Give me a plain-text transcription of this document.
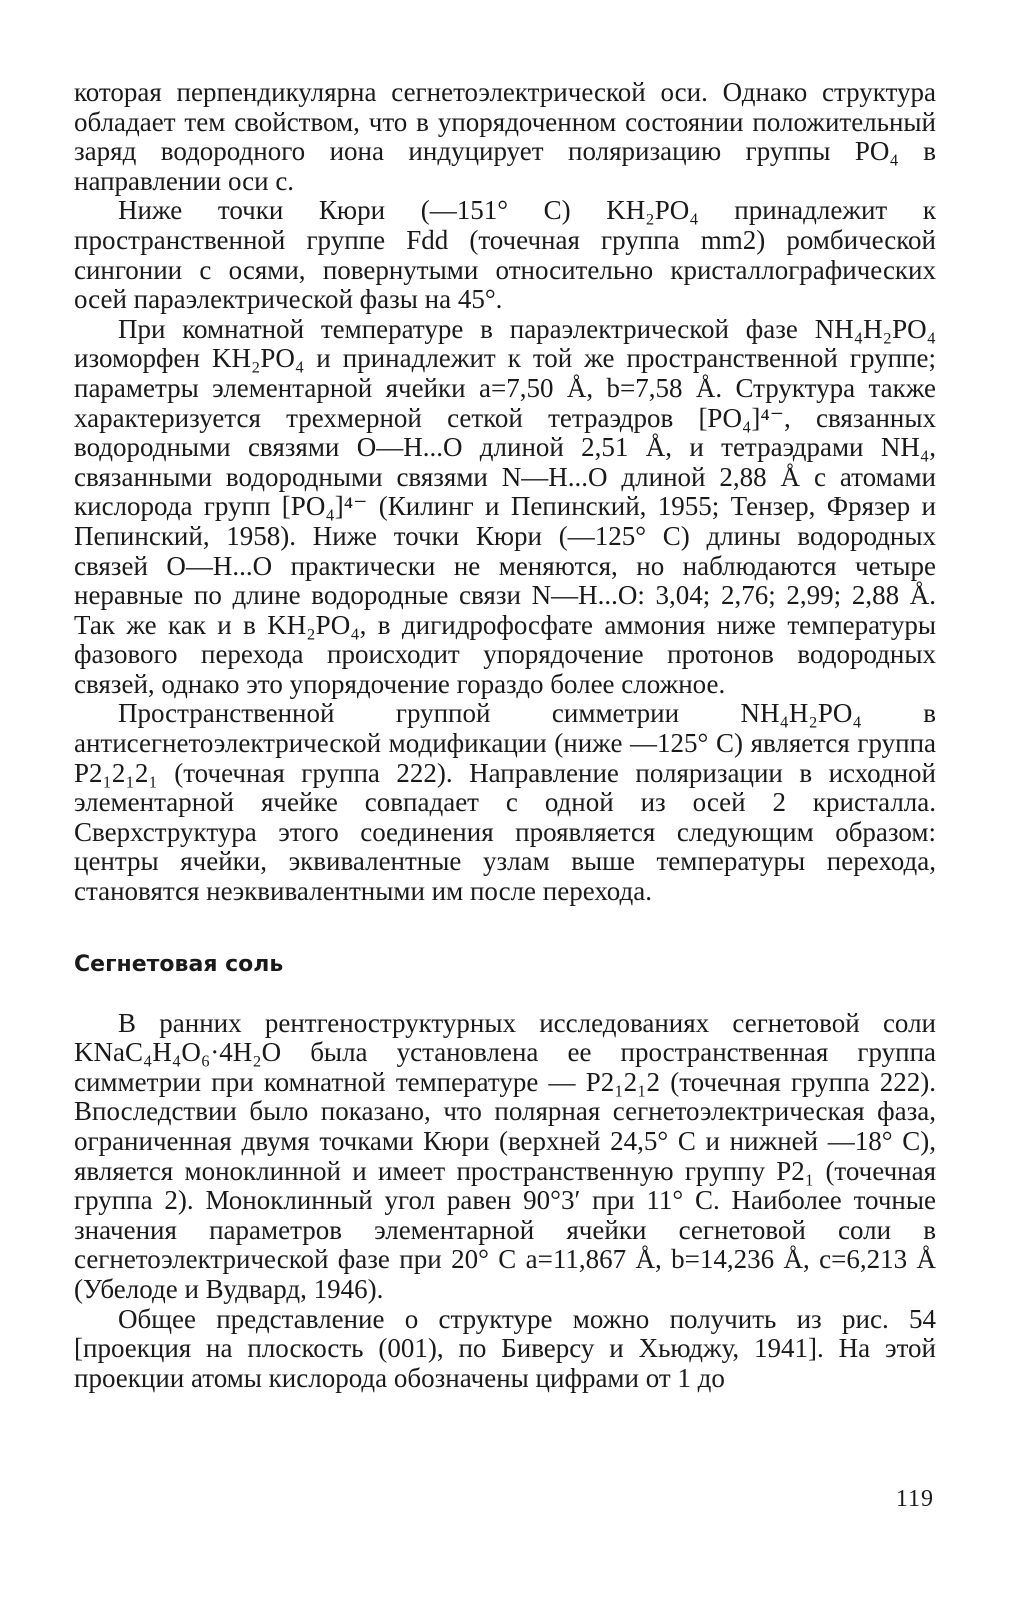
которая перпендикулярна сегнетоэлектрической оси. Однако структура обладает тем свойством, что в упорядоченном состоянии положительный заряд водородного иона индуцирует поляризацию группы PO₄ в направлении оси c.

Ниже точки Кюри (—151° С) KH₂PO₄ принадлежит к пространственной группе Fdd (точечная группа mm2) ромбической сингонии с осями, повернутыми относительно кристаллографических осей параэлектрической фазы на 45°.

При комнатной температуре в параэлектрической фазе NH₄H₂PO₄ изоморфен KH₂PO₄ и принадлежит к той же пространственной группе; параметры элементарной ячейки a=7,50 Å, b=7,58 Å. Структура также характеризуется трехмерной сеткой тетраэдров [PO₄]⁴⁻, связанных водородными связями O—H...O длиной 2,51 Å, и тетраэдрами NH₄, связанными водородными связями N—H...O длиной 2,88 Å с атомами кислорода групп [PO₄]⁴⁻ (Килинг и Пепинский, 1955; Тензер, Фрязер и Пепинский, 1958). Ниже точки Кюри (—125° С) длины водородных связей O—H...O практически не меняются, но наблюдаются четыре неравные по длине водородные связи N—H...O: 3,04; 2,76; 2,99; 2,88 Å. Так же как и в KH₂PO₄, в дигидрофосфате аммония ниже температуры фазового перехода происходит упорядочение протонов водородных связей, однако это упорядочение гораздо более сложное.

Пространственной группой симметрии NH₄H₂PO₄ в антисегнетоэлектрической модификации (ниже —125° С) является группа P2₁2₁2₁ (точечная группа 222). Направление поляризации в исходной элементарной ячейке совпадает с одной из осей 2 кристалла. Сверхструктура этого соединения проявляется следующим образом: центры ячейки, эквивалентные узлам выше температуры перехода, становятся неэквивалентными им после перехода.

Сегнетовая соль

В ранних рентгеноструктурных исследованиях сегнетовой соли KNaC₄H₄O₆·4H₂O была установлена ее пространственная группа симметрии при комнатной температуре — P2₁2₁2 (точечная группа 222). Впоследствии было показано, что полярная сегнетоэлектрическая фаза, ограниченная двумя точками Кюри (верхней 24,5° С и нижней —18° С), является моноклинной и имеет пространственную группу P2₁ (точечная группа 2). Моноклинный угол равен 90°3′ при 11° С. Наиболее точные значения параметров элементарной ячейки сегнетовой соли в сегнетоэлектрической фазе при 20° С a=11,867 Å, b=14,236 Å, c=6,213 Å (Убелоде и Вудвард, 1946).

Общее представление о структуре можно получить из рис. 54 [проекция на плоскость (001), по Биверсу и Хьюджу, 1941]. На этой проекции атомы кислорода обозначены цифрами от 1 до

119
